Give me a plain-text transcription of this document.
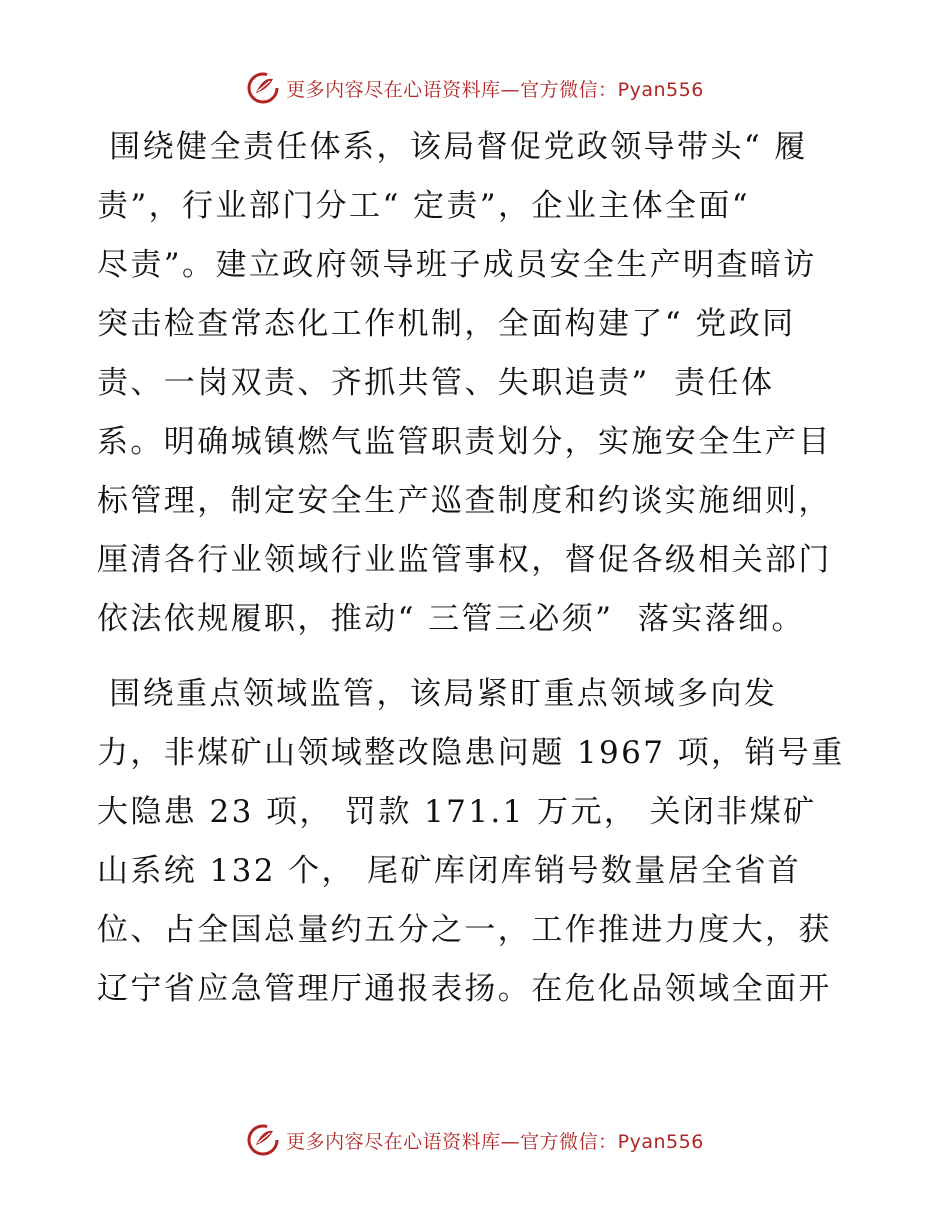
更多内容尽在心语资料库—官方微信：Pyan556
围绕健全责任体系，该局督促党政领导带头“ 履
责”，行业部门分工“ 定责”，企业主体全面“
尽责”。建立政府领导班子成员安全生产明查暗访
突击检查常态化工作机制，全面构建了“ 党政同
责、一岗双责、齐抓共管、失职追责”  责任体
系。明确城镇燃气监管职责划分，实施安全生产目
标管理，制定安全生产巡查制度和约谈实施细则，
厘清各行业领域行业监管事权，督促各级相关部门
依法依规履职，推动“ 三管三必须”  落实落细。
围绕重点领域监管，该局紧盯重点领域多向发
力，非煤矿山领域整改隐患问题 1967 项，销号重
大隐患 23 项， 罚款 171.1 万元， 关闭非煤矿
山系统 132 个， 尾矿库闭库销号数量居全省首
位、占全国总量约五分之一，工作推进力度大，获
辽宁省应急管理厅通报表扬。在危化品领域全面开
更多内容尽在心语资料库—官方微信：Pyan556
